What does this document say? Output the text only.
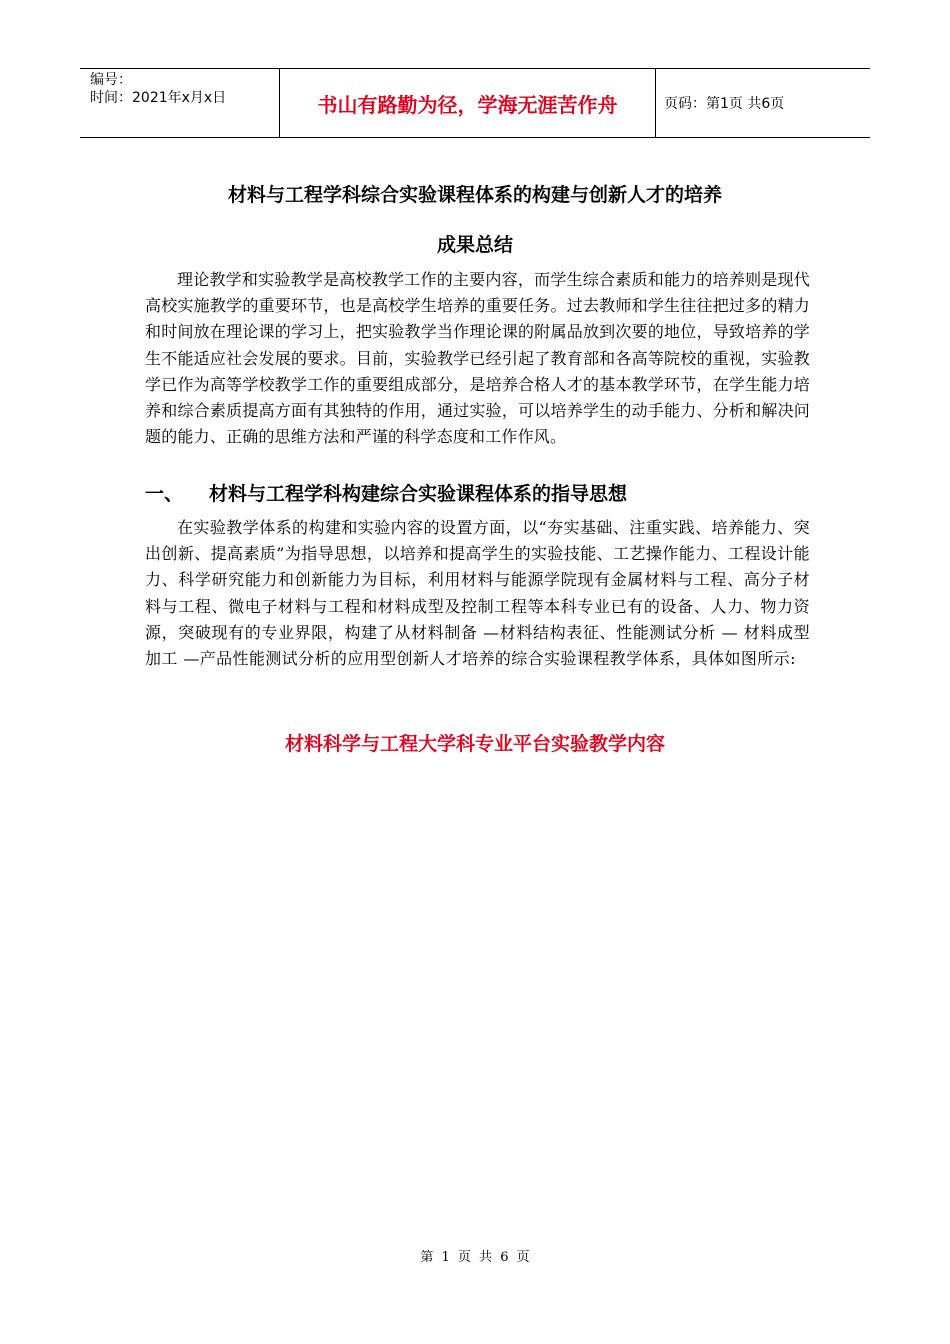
编号：
时间：2021年x月x日	书山有路勤为径，学海无涯苦作舟	页码：第1页 共6页
材料与工程学科综合实验课程体系的构建与创新人才的培养
成果总结

理论教学和实验教学是高校教学工作的主要内容，而学生综合素质和能力的培养则是现代高校实施教学的重要环节，也是高校学生培养的重要任务。过去教师和学生往往把过多的精力和时间放在理论课的学习上，把实验教学当作理论课的附属品放到次要的地位，导致培养的学生不能适应社会发展的要求。目前，实验教学已经引起了教育部和各高等院校的重视，实验教学已作为高等学校教学工作的重要组成部分，是培养合格人才的基本教学环节，在学生能力培养和综合素质提高方面有其独特的作用，通过实验，可以培养学生的动手能力、分析和解决问题的能力、正确的思维方法和严谨的科学态度和工作作风。

一、 材料与工程学科构建综合实验课程体系的指导思想

在实验教学体系的构建和实验内容的设置方面，以“夯实基础、注重实践、培养能力、突出创新、提高素质”为指导思想，以培养和提高学生的实验技能、工艺操作能力、工程设计能力、科学研究能力和创新能力为目标，利用材料与能源学院现有金属材料与工程、高分子材料与工程、微电子材料与工程和材料成型及控制工程等本科专业已有的设备、人力、物力资源，突破现有的专业界限，构建了从材料制备 —材料结构表征、性能测试分析 — 材料成型加工 —产品性能测试分析的应用型创新人才培养的综合实验课程教学体系，具体如图所示:

材料科学与工程大学科专业平台实验教学内容
第 1 页 共 6 页
